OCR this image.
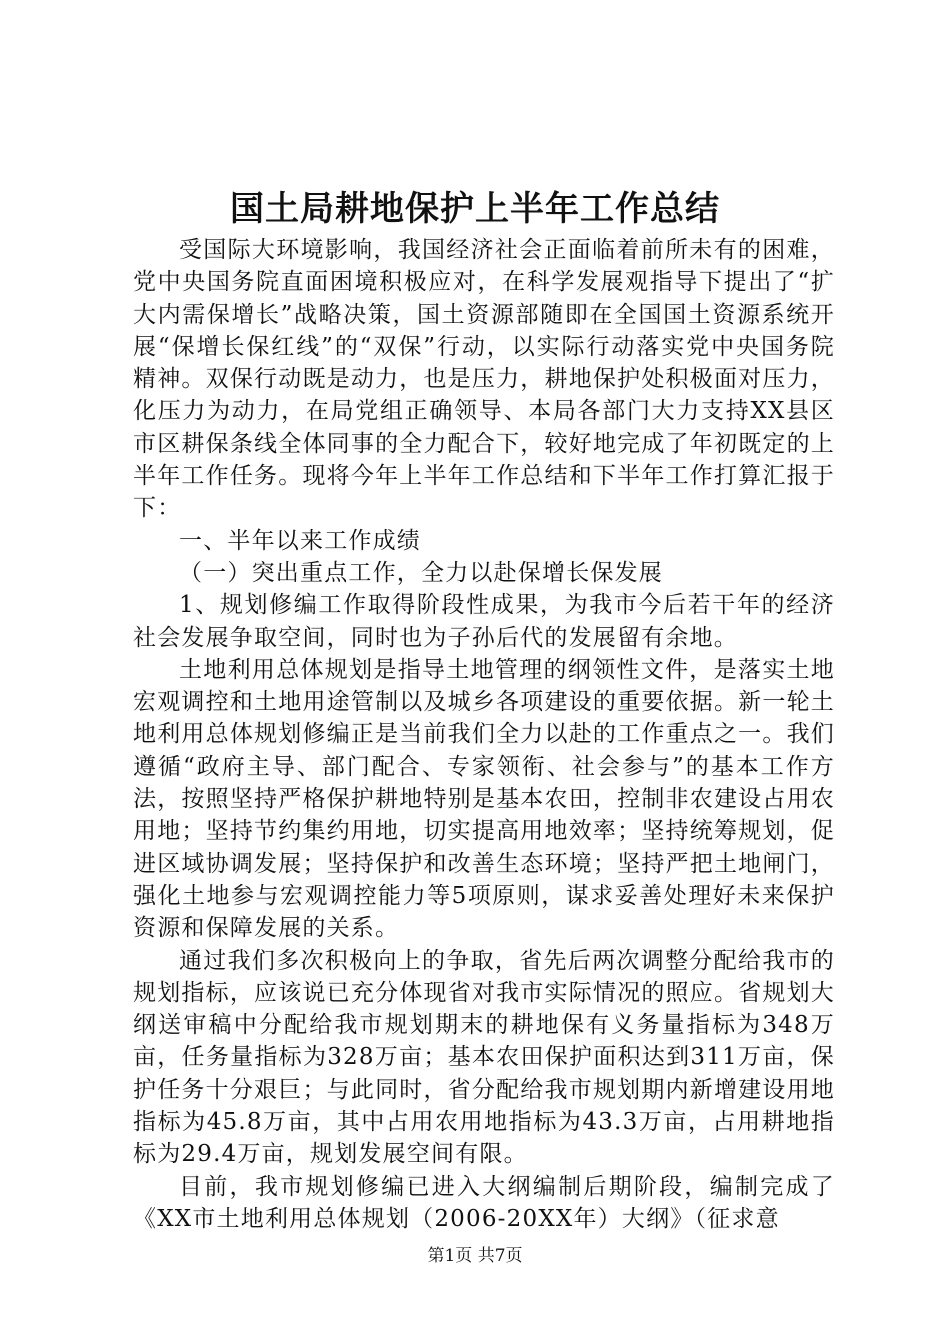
国土局耕地保护上半年工作总结

受国际大环境影响，我国经济社会正面临着前所未有的困难，党中央国务院直面困境积极应对，在科学发展观指导下提出了“扩大内需保增长”战略决策，国土资源部随即在全国国土资源系统开展“保增长保红线”的“双保”行动，以实际行动落实党中央国务院精神。双保行动既是动力，也是压力，耕地保护处积极面对压力，化压力为动力，在局党组正确领导、本局各部门大力支持XX县区市区耕保条线全体同事的全力配合下，较好地完成了年初既定的上半年工作任务。现将今年上半年工作总结和下半年工作打算汇报于下：

一、半年以来工作成绩

（一）突出重点工作，全力以赴保增长保发展

1、规划修编工作取得阶段性成果，为我市今后若干年的经济社会发展争取空间，同时也为子孙后代的发展留有余地。

土地利用总体规划是指导土地管理的纲领性文件，是落实土地宏观调控和土地用途管制以及城乡各项建设的重要依据。新一轮土地利用总体规划修编正是当前我们全力以赴的工作重点之一。我们遵循“政府主导、部门配合、专家领衔、社会参与”的基本工作方法，按照坚持严格保护耕地特别是基本农田，控制非农建设占用农用地；坚持节约集约用地，切实提高用地效率；坚持统筹规划，促进区域协调发展；坚持保护和改善生态环境；坚持严把土地闸门，强化土地参与宏观调控能力等5项原则，谋求妥善处理好未来保护资源和保障发展的关系。

通过我们多次积极向上的争取，省先后两次调整分配给我市的规划指标，应该说已充分体现省对我市实际情况的照应。省规划大纲送审稿中分配给我市规划期末的耕地保有义务量指标为348万亩，任务量指标为328万亩；基本农田保护面积达到311万亩，保护任务十分艰巨；与此同时，省分配给我市规划期内新增建设用地指标为45.8万亩，其中占用农用地指标为43.3万亩，占用耕地指标为29.4万亩，规划发展空间有限。

目前，我市规划修编已进入大纲编制后期阶段，编制完成了《XX市土地利用总体规划（2006-20XX年）大纲》（征求意

第1页 共7页
